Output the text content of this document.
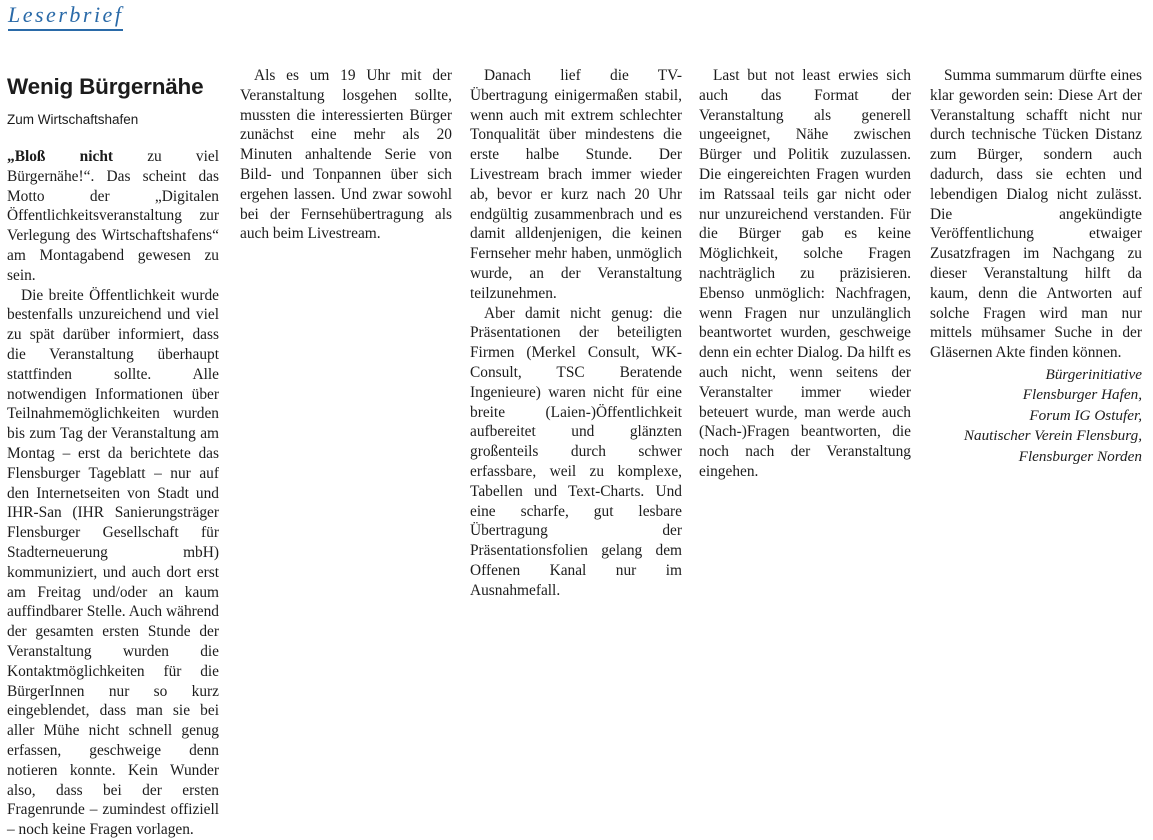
Leserbrief
Wenig Bürgernähe
Zum Wirtschaftshafen

„Bloß nicht zu viel Bürgernähe!“. Das scheint das Motto der „Digitalen Öffentlichkeitsveranstaltung zur Verlegung des Wirtschaftshafens“ am Montagabend gewesen zu sein.

Die breite Öffentlichkeit wurde bestenfalls unzureichend und viel zu spät darüber informiert, dass die Veranstaltung überhaupt stattfinden sollte. Alle notwendigen Informationen über Teilnahmemöglichkeiten wurden bis zum Tag der Veranstaltung am Montag – erst da berichtete das Flensburger Tageblatt – nur auf den Internetseiten von Stadt und IHR-San (IHR Sanierungsträger Flensburger Gesellschaft für Stadterneuerung mbH) kommuniziert, und auch dort erst am Freitag und/oder an kaum auffindbarer Stelle. Auch während der gesamten ersten Stunde der Veranstaltung wurden die Kontaktmöglichkeiten für die BürgerInnen nur so kurz eingeblendet, dass man sie bei aller Mühe nicht schnell genug erfassen, geschweige denn notieren konnte. Kein Wunder also, dass bei der ersten Fragenrunde – zumindest offiziell – noch keine Fragen vorlagen.

Als es um 19 Uhr mit der Veranstaltung losgehen sollte, mussten die interessierten Bürger zunächst eine mehr als 20 Minuten anhaltende Serie von Bild- und Tonpannen über sich ergehen lassen. Und zwar sowohl bei der Fernsehübertragung als auch beim Livestream.

Danach lief die TV-Übertragung einigermaßen stabil, wenn auch mit extrem schlechter Tonqualität über mindestens die erste halbe Stunde. Der Livestream brach immer wieder ab, bevor er kurz nach 20 Uhr endgültig zusammenbrach und es damit alldenjenigen, die keinen Fernseher mehr haben, unmöglich wurde, an der Veranstaltung teilzunehmen.

Aber damit nicht genug: die Präsentationen der beteiligten Firmen (Merkel Consult, WK-Consult, TSC Beratende Ingenieure) waren nicht für eine breite (Laien-)Öffentlichkeit aufbereitet und glänzten großenteils durch schwer erfassbare, weil zu komplexe, Tabellen und Text-Charts. Und eine scharfe, gut lesbare Übertragung der Präsentationsfolien gelang dem Offenen Kanal nur im Ausnahmefall.

Last but not least erwies sich auch das Format der Veranstaltung als generell ungeeignet, Nähe zwischen Bürger und Politik zuzulassen. Die eingereichten Fragen wurden im Ratssaal teils gar nicht oder nur unzureichend verstanden. Für die Bürger gab es keine Möglichkeit, solche Fragen nachträglich zu präzisieren. Ebenso unmöglich: Nachfragen, wenn Fragen nur unzulänglich beantwortet wurden, geschweige denn ein echter Dialog. Da hilft es auch nicht, wenn seitens der Veranstalter immer wieder beteuert wurde, man werde auch (Nach-)Fragen beantworten, die noch nach der Veranstaltung eingehen.

Summa summarum dürfte eines klar geworden sein: Diese Art der Veranstaltung schafft nicht nur durch technische Tücken Distanz zum Bürger, sondern auch dadurch, dass sie echten und lebendigen Dialog nicht zulässt. Die angekündigte Veröffentlichung etwaiger Zusatzfragen im Nachgang zu dieser Veranstaltung hilft da kaum, denn die Antworten auf solche Fragen wird man nur mittels mühsamer Suche in der Gläsernen Akte finden können.

Bürgerinitiative
Flensburger Hafen,
Forum IG Ostufer,
Nautischer Verein Flensburg,
Flensburger Norden
